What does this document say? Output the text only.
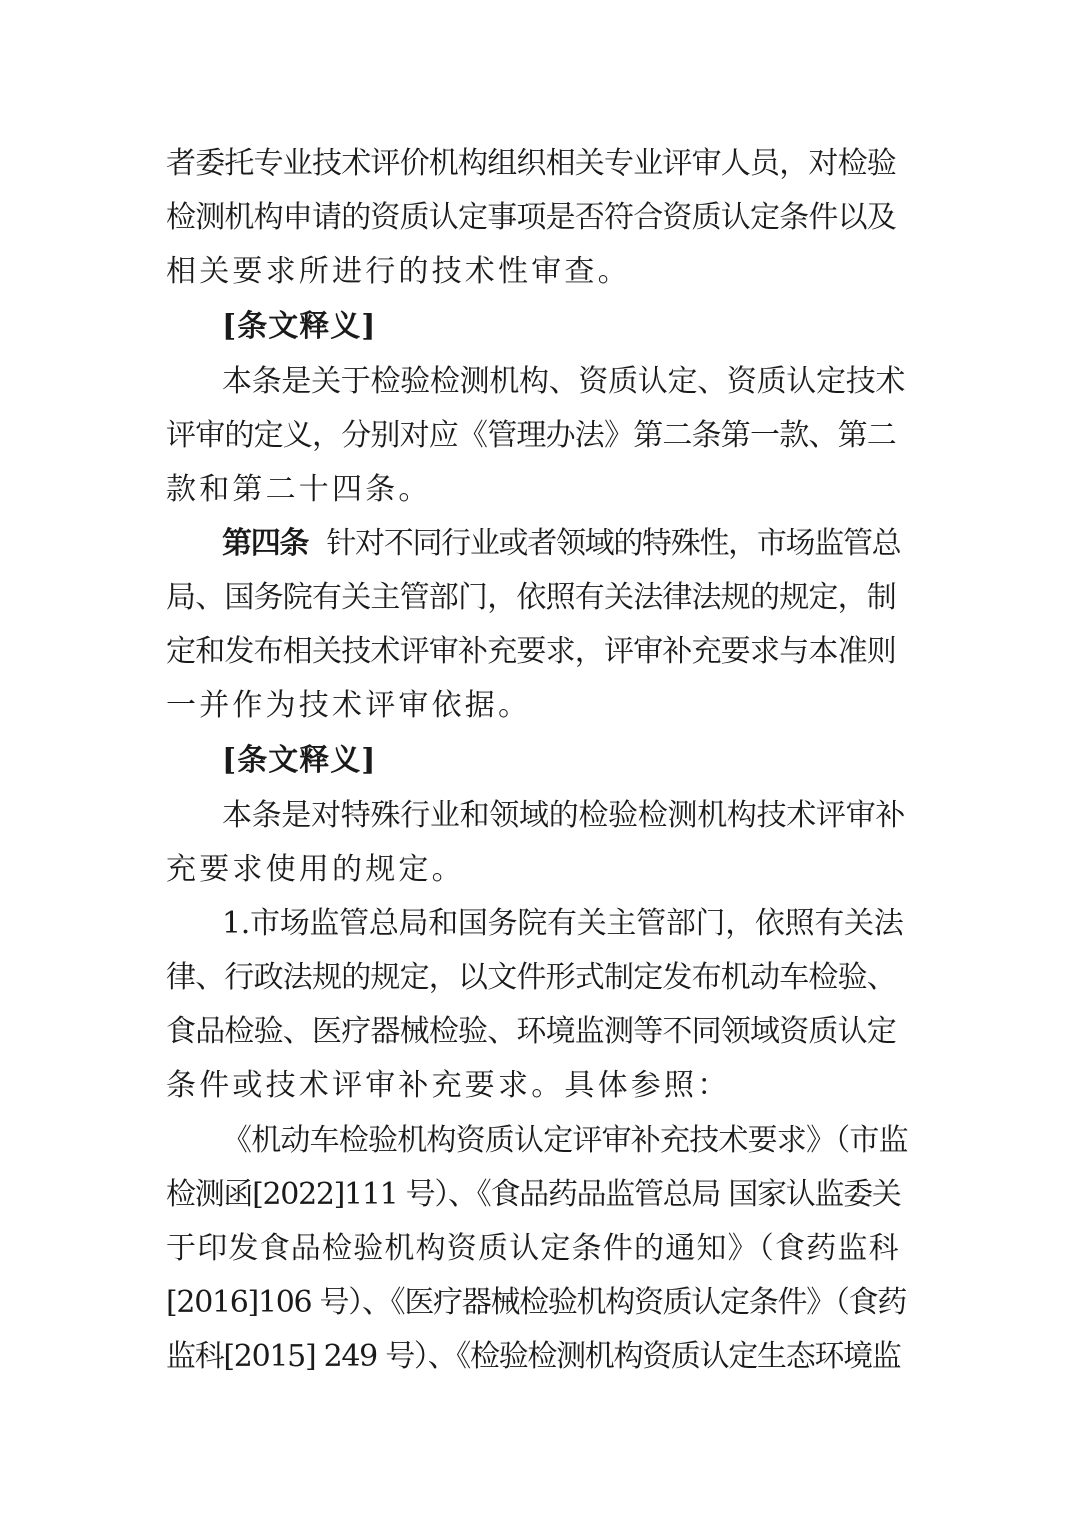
者委托专业技术评价机构组织相关专业评审人员，对检验
检测机构申请的资质认定事项是否符合资质认定条件以及
相关要求所进行的技术性审查。
[条文释义]
本条是关于检验检测机构、资质认定、资质认定技术
评审的定义，分别对应《管理办法》第二条第一款、第二
款和第二十四条。
第四条 针对不同行业或者领域的特殊性，市场监管总
局、国务院有关主管部门，依照有关法律法规的规定，制
定和发布相关技术评审补充要求，评审补充要求与本准则
一并作为技术评审依据。
[条文释义]
本条是对特殊行业和领域的检验检测机构技术评审补
充要求使用的规定。
1.市场监管总局和国务院有关主管部门，依照有关法
律、行政法规的规定，以文件形式制定发布机动车检验、
食品检验、医疗器械检验、环境监测等不同领域资质认定
条件或技术评审补充要求。具体参照：
《机动车检验机构资质认定评审补充技术要求》（市监
检测函[2022]111 号）、《食品药品监管总局 国家认监委关
于印发食品检验机构资质认定条件的通知》（食药监科
[2016]106 号）、《医疗器械检验机构资质认定条件》（食药
监科[2015] 249 号）、《检验检测机构资质认定生态环境监
